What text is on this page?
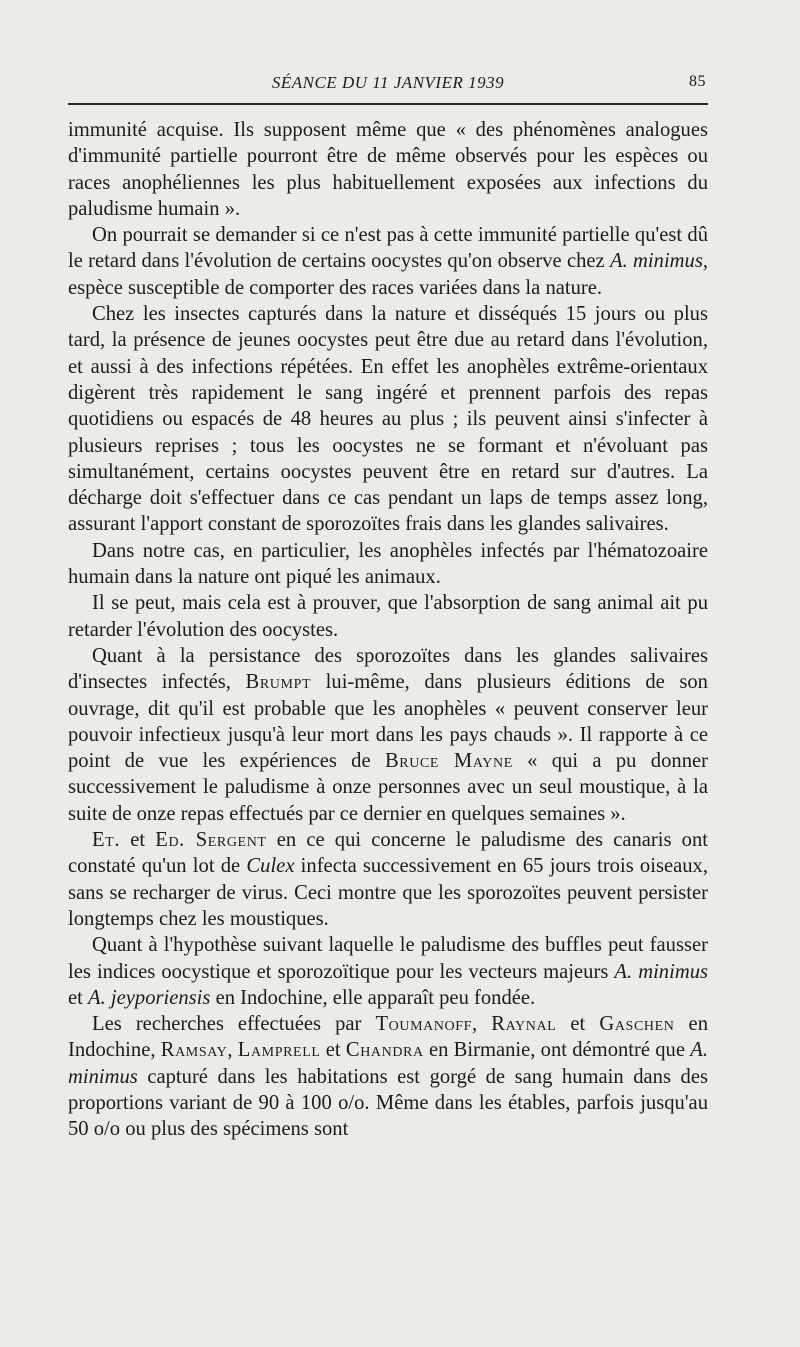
SÉANCE DU 11 JANVIER 1939	85

immunité acquise. Ils supposent même que « des phénomènes analogues d'immunité partielle pourront être de même observés pour les espèces ou races anophéliennes les plus habituellement exposées aux infections du paludisme humain ».

On pourrait se demander si ce n'est pas à cette immunité partielle qu'est dû le retard dans l'évolution de certains oocystes qu'on observe chez A. minimus, espèce susceptible de comporter des races variées dans la nature.

Chez les insectes capturés dans la nature et disséqués 15 jours ou plus tard, la présence de jeunes oocystes peut être due au retard dans l'évolution, et aussi à des infections répétées. En effet les anophèles extrême-orientaux digèrent très rapidement le sang ingéré et prennent parfois des repas quotidiens ou espacés de 48 heures au plus ; ils peuvent ainsi s'infecter à plusieurs reprises ; tous les oocystes ne se formant et n'évoluant pas simultanément, certains oocystes peuvent être en retard sur d'autres. La décharge doit s'effectuer dans ce cas pendant un laps de temps assez long, assurant l'apport constant de sporozoïtes frais dans les glandes salivaires.

Dans notre cas, en particulier, les anophèles infectés par l'hématozoaire humain dans la nature ont piqué les animaux.

Il se peut, mais cela est à prouver, que l'absorption de sang animal ait pu retarder l'évolution des oocystes.

Quant à la persistance des sporozoïtes dans les glandes salivaires d'insectes infectés, Brumpt lui-même, dans plusieurs éditions de son ouvrage, dit qu'il est probable que les anophèles « peuvent conserver leur pouvoir infectieux jusqu'à leur mort dans les pays chauds ». Il rapporte à ce point de vue les expériences de Bruce Mayne « qui a pu donner successivement le paludisme à onze personnes avec un seul moustique, à la suite de onze repas effectués par ce dernier en quelques semaines ».

Et. et Ed. Sergent en ce qui concerne le paludisme des canaris ont constaté qu'un lot de Culex infecta successivement en 65 jours trois oiseaux, sans se recharger de virus. Ceci montre que les sporozoïtes peuvent persister longtemps chez les moustiques.

Quant à l'hypothèse suivant laquelle le paludisme des buffles peut fausser les indices oocystique et sporozoïtique pour les vecteurs majeurs A. minimus et A. jeyporiensis en Indochine, elle apparaît peu fondée.

Les recherches effectuées par Toumanoff, Raynal et Gaschen en Indochine, Ramsay, Lamprell et Chandra en Birmanie, ont démontré que A. minimus capturé dans les habitations est gorgé de sang humain dans des proportions variant de 90 à 100 o/o. Même dans les étables, parfois jusqu'au 50 o/o ou plus des spécimens sont
